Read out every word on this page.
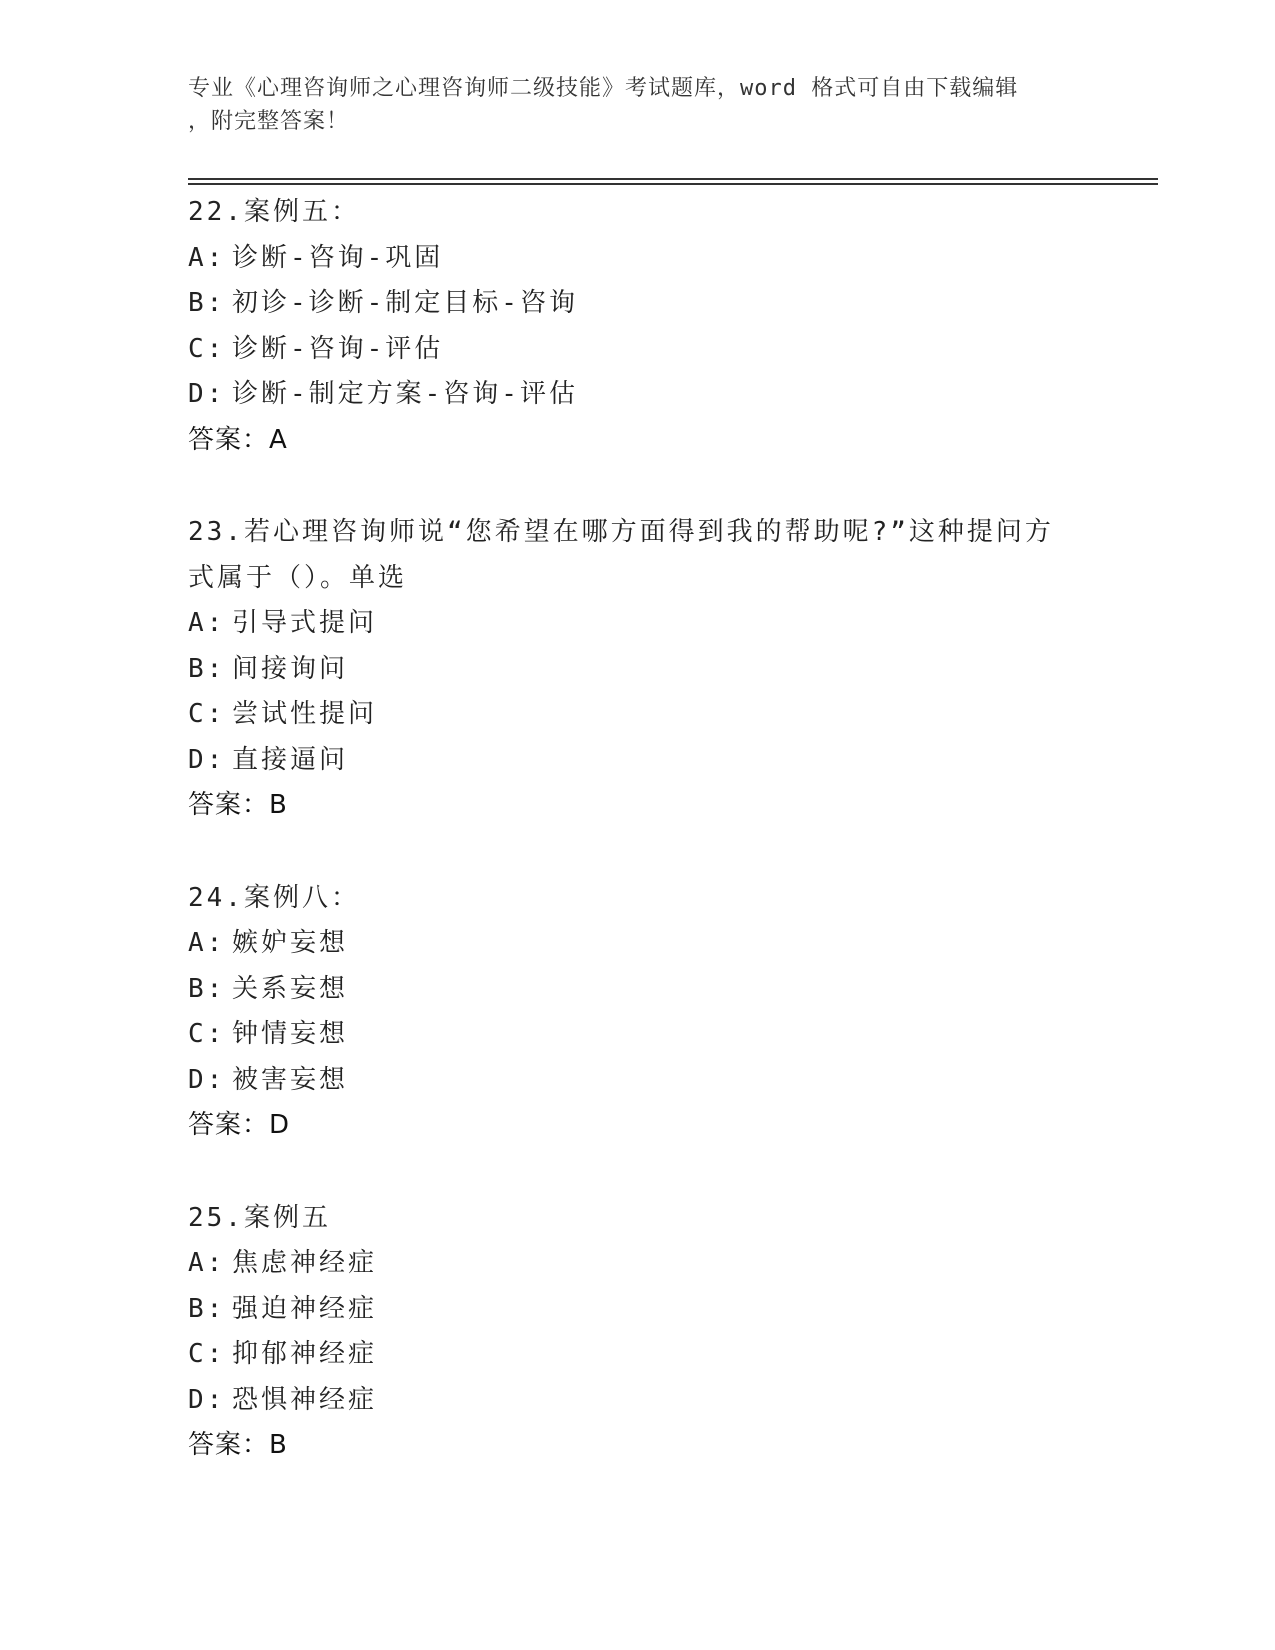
专业《心理咨询师之心理咨询师二级技能》考试题库，word 格式可自由下载编辑
，附完整答案！
22.案例五：
A: 诊断-咨询-巩固
B: 初诊-诊断-制定目标-咨询
C: 诊断-咨询-评估
D: 诊断-制定方案-咨询-评估
答案：A
23.若心理咨询师说“您希望在哪方面得到我的帮助呢?”这种提问方
式属于（）。单选
A: 引导式提问
B: 间接询问
C: 尝试性提问
D: 直接逼问
答案：B
24.案例八：
A: 嫉妒妄想
B: 关系妄想
C: 钟情妄想
D: 被害妄想
答案：D
25.案例五
A: 焦虑神经症
B: 强迫神经症
C: 抑郁神经症
D: 恐惧神经症
答案：B
